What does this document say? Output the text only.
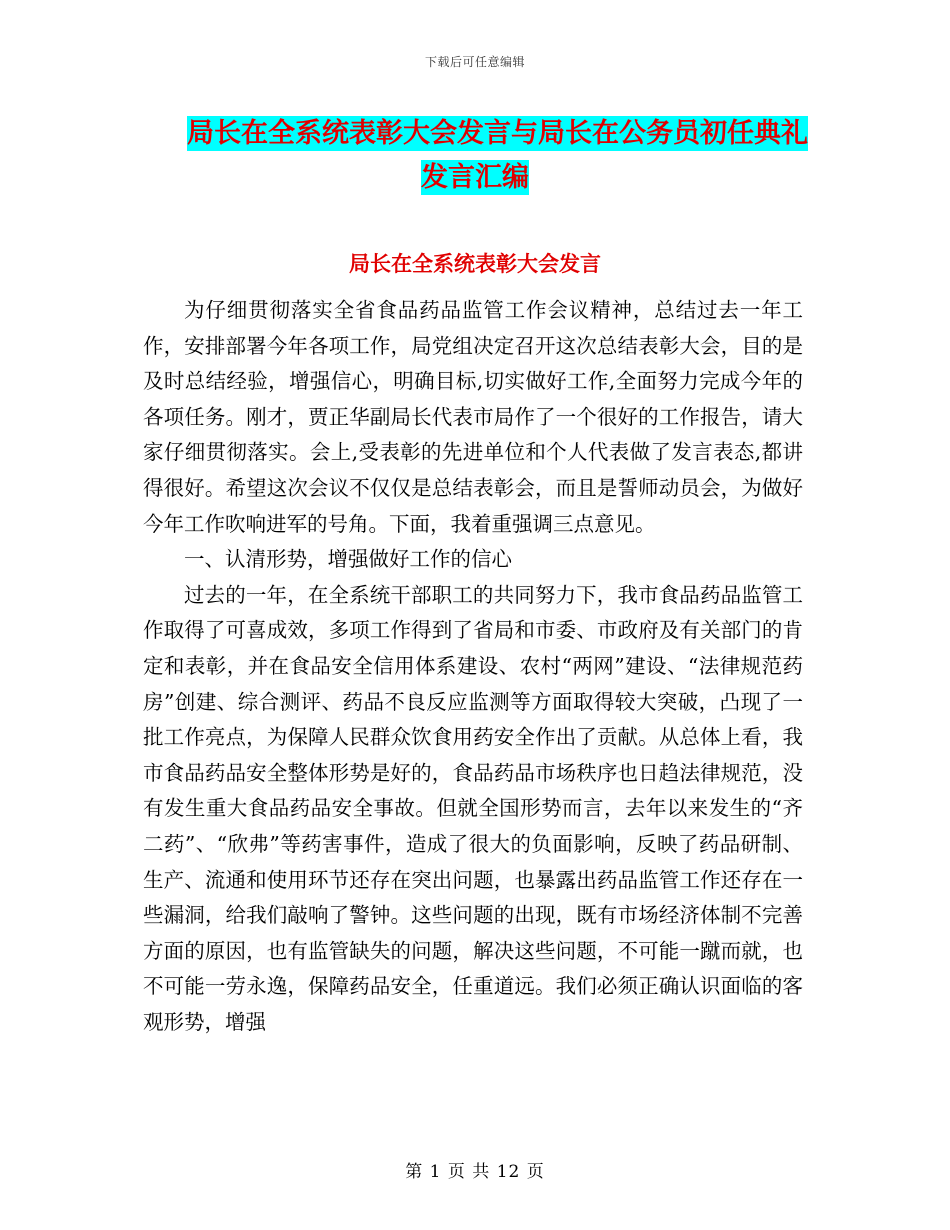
下载后可任意编辑
局长在全系统表彰大会发言与局长在公务员初任典礼
发言汇编
局长在全系统表彰大会发言

为仔细贯彻落实全省食品药品监管工作会议精神，总结过去一年工作，安排部署今年各项工作，局党组决定召开这次总结表彰大会，目的是及时总结经验，增强信心，明确目标,切实做好工作,全面努力完成今年的各项任务。刚才，贾正华副局长代表市局作了一个很好的工作报告，请大家仔细贯彻落实。会上,受表彰的先进单位和个人代表做了发言表态,都讲得很好。希望这次会议不仅仅是总结表彰会，而且是誓师动员会，为做好今年工作吹响进军的号角。下面，我着重强调三点意见。

一、认清形势，增强做好工作的信心

过去的一年，在全系统干部职工的共同努力下，我市食品药品监管工作取得了可喜成效，多项工作得到了省局和市委、市政府及有关部门的肯定和表彰，并在食品安全信用体系建设、农村“两网”建设、“法律规范药房”创建、综合测评、药品不良反应监测等方面取得较大突破，凸现了一批工作亮点，为保障人民群众饮食用药安全作出了贡献。从总体上看，我市食品药品安全整体形势是好的，食品药品市场秩序也日趋法律规范，没有发生重大食品药品安全事故。但就全国形势而言，去年以来发生的“齐二药”、“欣弗”等药害事件，造成了很大的负面影响，反映了药品研制、生产、流通和使用环节还存在突出问题，也暴露出药品监管工作还存在一些漏洞，给我们敲响了警钟。这些问题的出现，既有市场经济体制不完善方面的原因，也有监管缺失的问题，解决这些问题，不可能一蹴而就，也不可能一劳永逸，保障药品安全，任重道远。我们必须正确认识面临的客观形势，增强

第 1 页 共 12 页
